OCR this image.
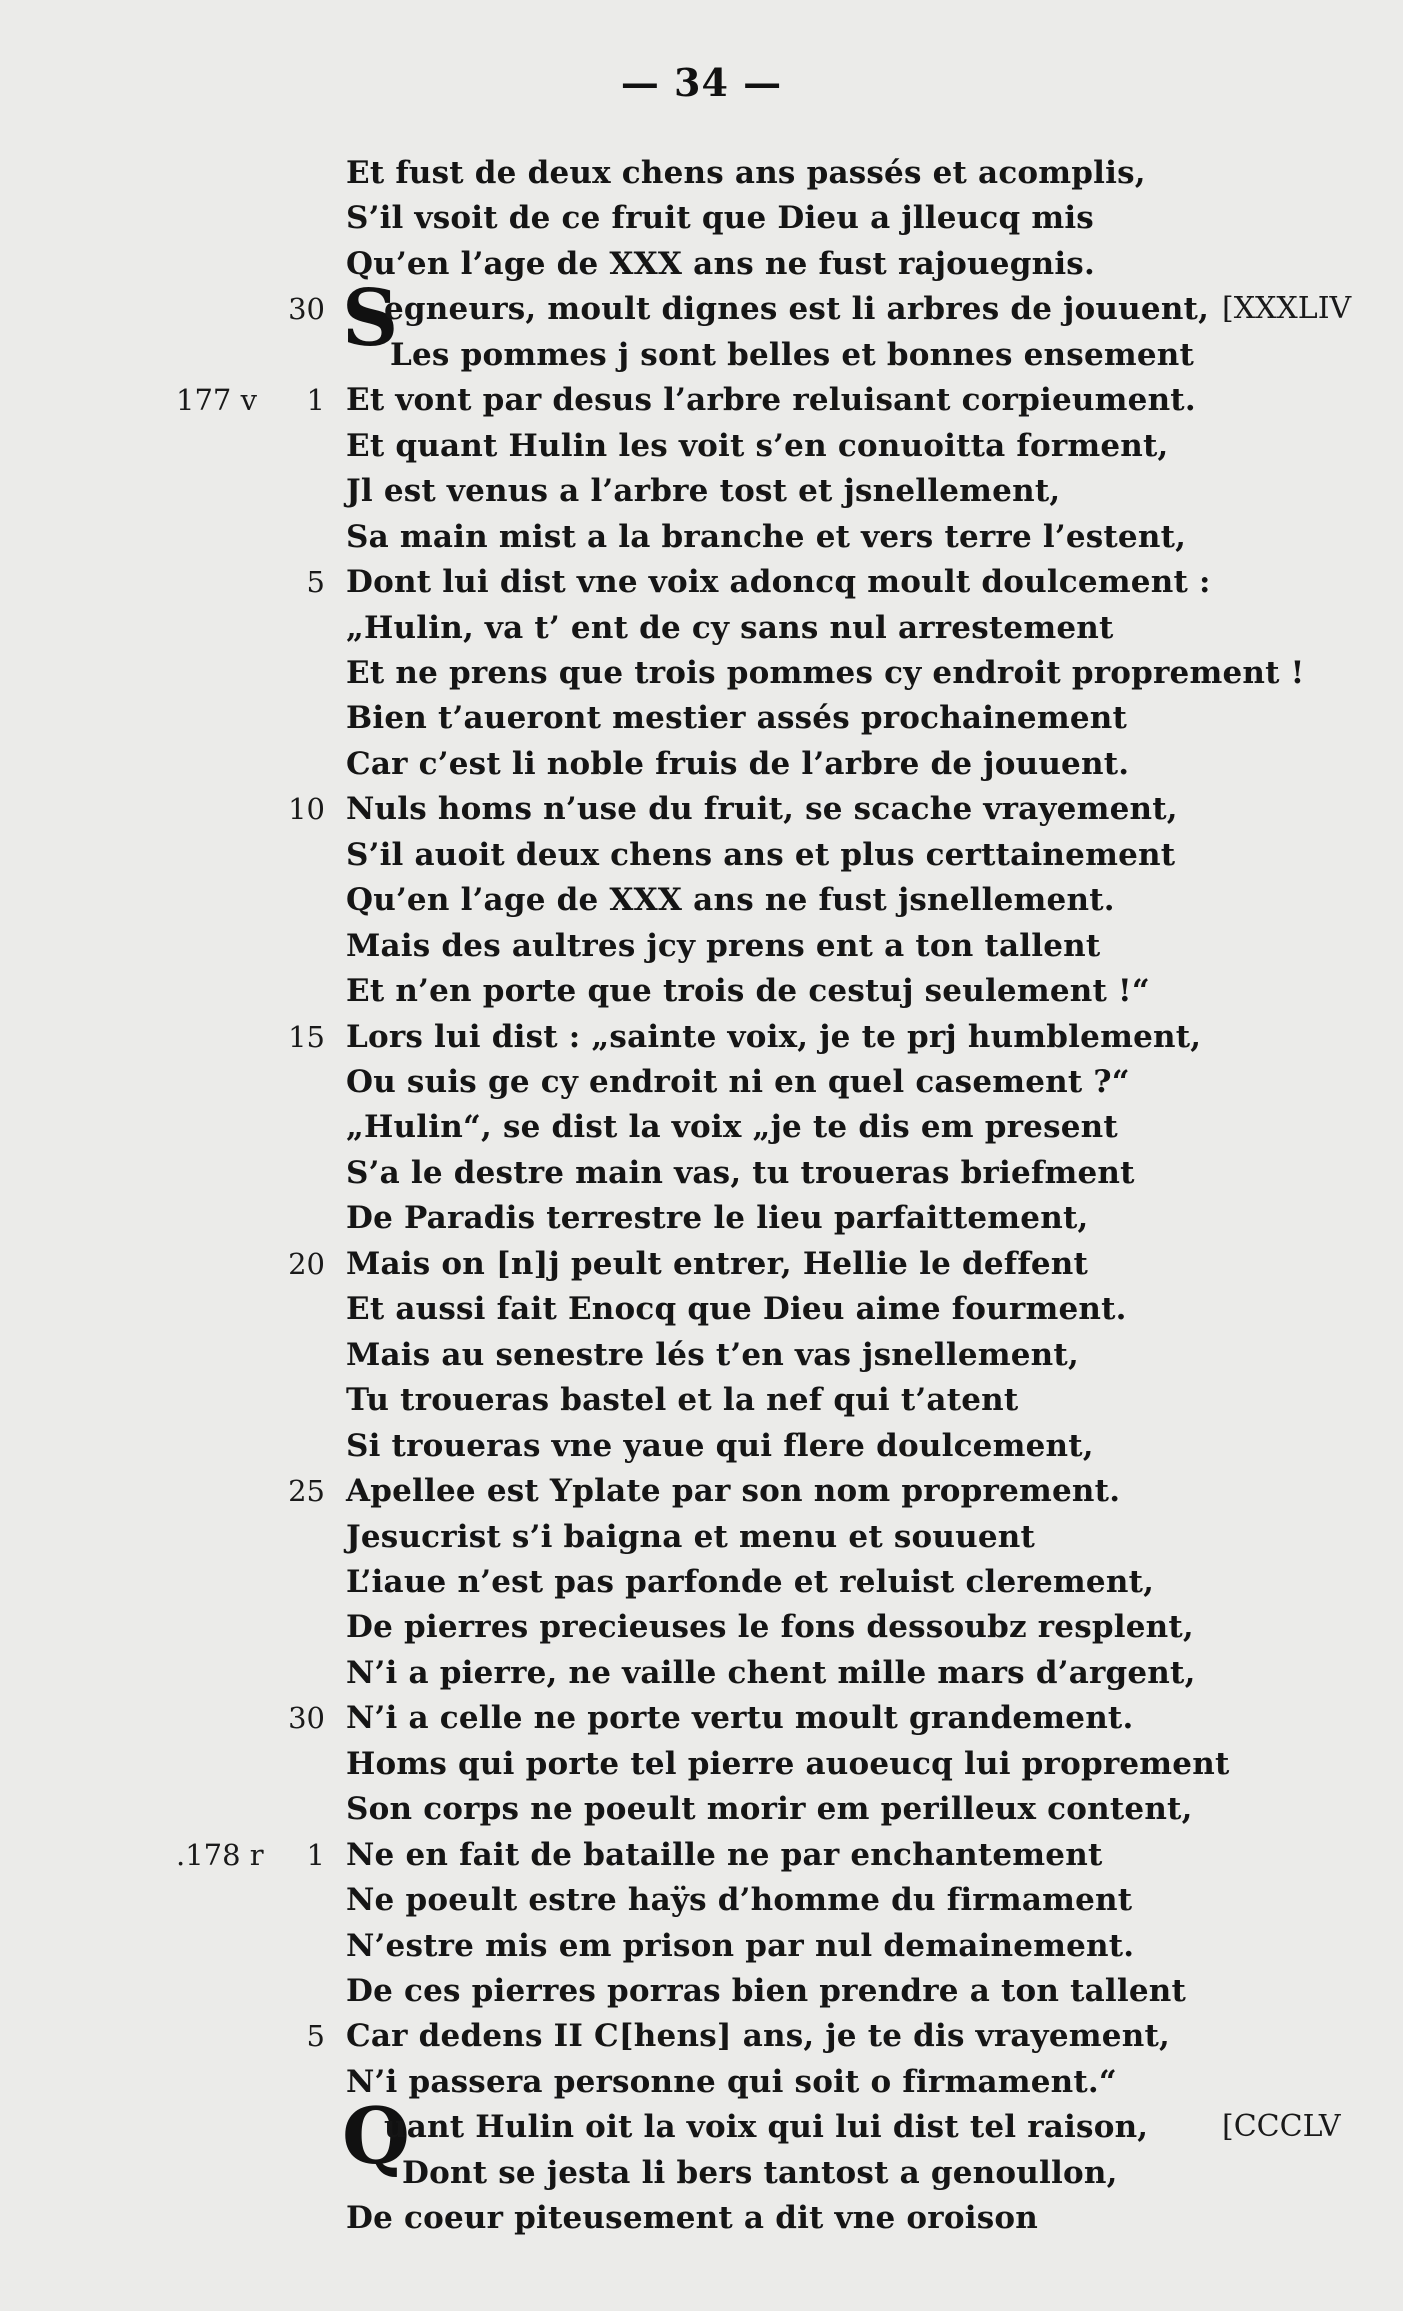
— 34 —
Et fust de deux chens ans passés et acomplis,
S’il vsoit de ce fruit que Dieu a jlleucq mis
Qu’en l’age de XXX ans ne fust rajouegnis.
30 S
egneurs, moult dignes est li arbres de jouuent, [XXXLIV
Les pommes j sont belles et bonnes ensement
177 v 1 Et vont par desus l’arbre reluisant corpieument.
Et quant Hulin les voit s’en conuoitta forment,
Jl est venus a l’arbre tost et jsnellement,
Sa main mist a la branche et vers terre l’estent,
5 Dont lui dist vne voix adoncq moult doulcement :
„Hulin, va t’ ent de cy sans nul arrestement
Et ne prens que trois pommes cy endroit proprement !
Bien t’aueront mestier assés prochainement
Car c’est li noble fruis de l’arbre de jouuent.
10 Nuls homs n’use du fruit, se scache vrayement,
S’il auoit deux chens ans et plus certtainement
Qu’en l’age de XXX ans ne fust jsnellement.
Mais des aultres jcy prens ent a ton tallent
Et n’en porte que trois de cestuj seulement !“
15 Lors lui dist : „sainte voix, je te prj humblement,
Ou suis ge cy endroit ni en quel casement ?“
„Hulin“, se dist la voix „je te dis em present
S’a le destre main vas, tu troueras briefment
De Paradis terrestre le lieu parfaittement,
20 Mais on [n]j peult entrer, Hellie le deffent
Et aussi fait Enocq que Dieu aime fourment.
Mais au senestre lés t’en vas jsnellement,
Tu troueras bastel et la nef qui t’atent
Si troueras vne yaue qui flere doulcement,
25 Apellee est Yplate par son nom proprement.
Jesucrist s’i baigna et menu et souuent
L’iaue n’est pas parfonde et reluist clerement,
De pierres precieuses le fons dessoubz resplent,
N’i a pierre, ne vaille chent mille mars d’argent,
30 N’i a celle ne porte vertu moult grandement.
Homs qui porte tel pierre auoeucq lui proprement
Son corps ne poeult morir em perilleux content,
.178 r 1 Ne en fait de bataille ne par enchantement
Ne poeult estre haÿs d’homme du firmament
N’estre mis em prison par nul demainement.
De ces pierres porras bien prendre a ton tallent
5 Car dedens II C[hens] ans, je te dis vrayement,
N’i passera personne qui soit o firmament.“
Q
uant Hulin oit la voix qui lui dist tel raison, [CCCLV
Dont se jesta li bers tantost a genoullon,
De coeur piteusement a dit vne oroison
